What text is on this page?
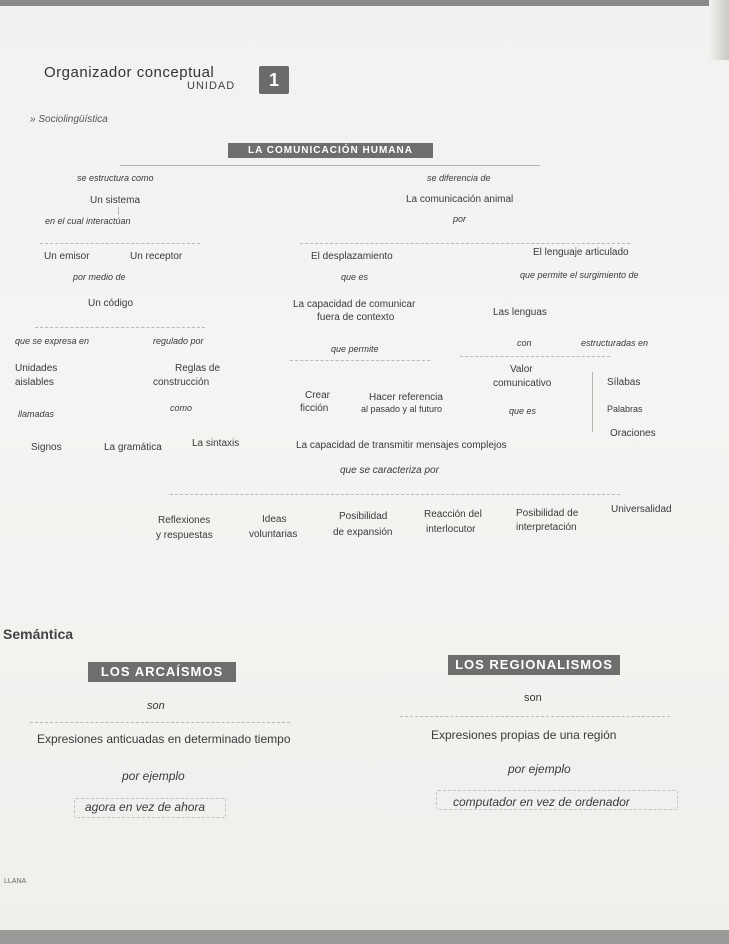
Organizador conceptual
UNIDAD	1
» Sociolingüística
LA COMUNICACIÓN HUMANA
se estructura como
Un sistema
en el cual interactúan
Un emisor	Un receptor
por medio de
Un código
que se expresa en	regulado por
Unidades
aislables
Reglas de
construcción
llamadas
como
Signos	La gramática	La sintaxis
El desplazamiento
que es
La capacidad de comunicar
fuera de contexto
que permite
Crear
ficción
Hacer referencia
al pasado y al futuro
se diferencia de
La comunicación animal
por
El lenguaje articulado
que permite el surgimiento de
Las lenguas
con	estructuradas en
Valor
comunicativo
que es
Sílabas
Palabras
Oraciones
La capacidad de transmitir mensajes complejos
que se caracteriza por
Reflexiones
y respuestas
Ideas
voluntarias
Posibilidad
de expansión
Reacción del
interlocutor
Posibilidad de
interpretación
Universalidad
Semántica
LOS ARCAÍSMOS
son
Expresiones anticuadas en determinado tiempo
por ejemplo
agora en vez de ahora
LOS REGIONALISMOS
son
Expresiones propias de una región
por ejemplo
computador en vez de ordenador
LLANA
